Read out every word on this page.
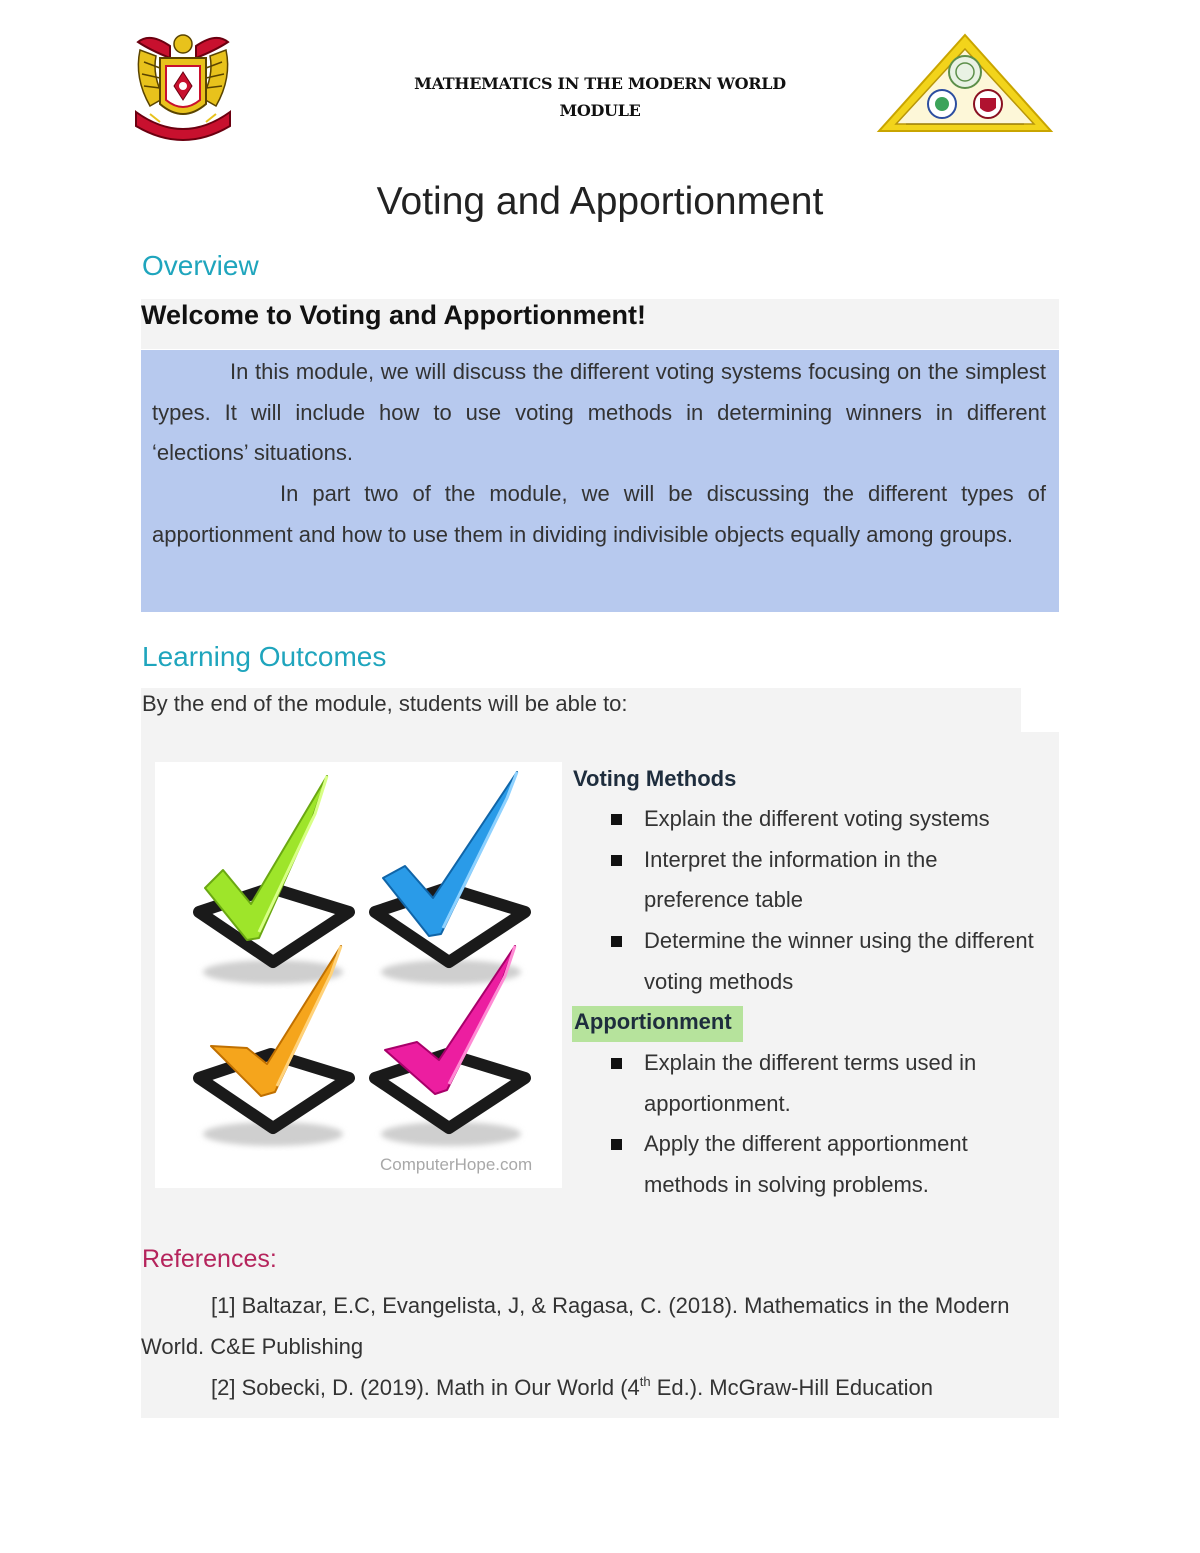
MATHEMATICS IN THE MODERN WORLD
MODULE
Voting and Apportionment
Overview
Welcome to Voting and Apportionment!
In this module, we will discuss the different voting systems focusing on the simplest types. It will include how to use voting methods in determining winners in different ‘elections’ situations.
In part two of the module, we will be discussing the different types of apportionment and how to use them in dividing indivisible objects equally among groups.
Learning Outcomes
By the end of the module, students will be able to:
ComputerHope.com
Voting Methods
Explain the different voting systems
Interpret the information in the preference table
Determine the winner using the different voting methods
Apportionment
Explain the different terms used in apportionment.
Apply the different apportionment methods in solving problems.
References:
[1] Baltazar, E.C, Evangelista, J, & Ragasa, C. (2018). Mathematics in the Modern World. C&E Publishing
[2] Sobecki, D. (2019). Math in Our World (4th Ed.). McGraw-Hill Education
